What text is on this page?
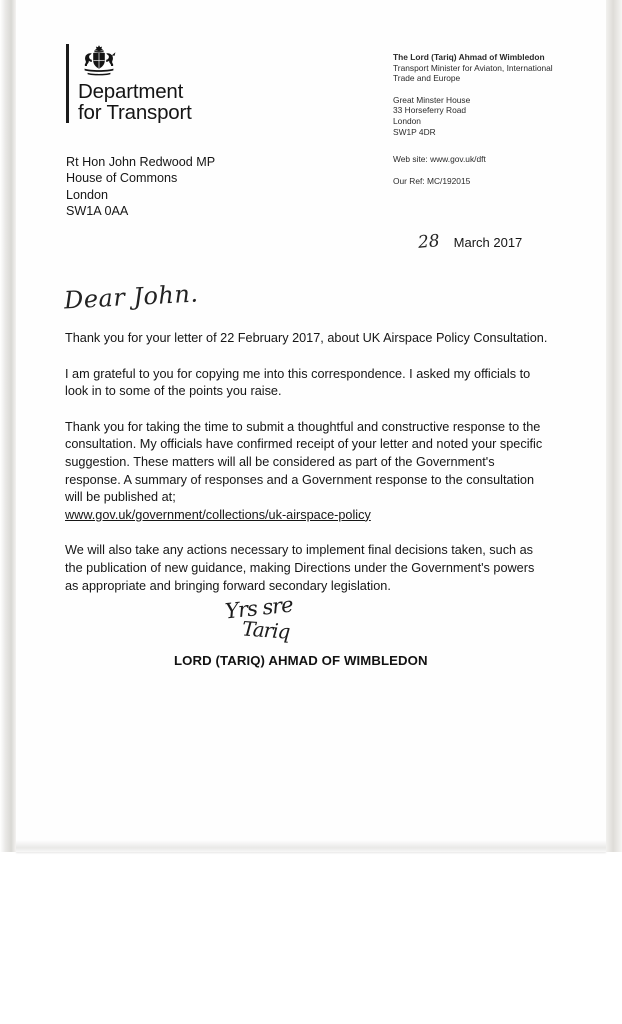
Department
for Transport
The Lord (Tariq) Ahmad of Wimbledon
Transport Minister for Aviaton, International
Trade and Europe
Great Minster House
33 Horseferry Road
London
SW1P 4DR
Web site: www.gov.uk/dft
Our Ref: MC/192015
Rt Hon John Redwood MP
House of Commons
London
SW1A 0AA
28 March 2017
Dear John.

Thank you for your letter of 22 February 2017, about UK Airspace Policy Consultation.

I am grateful to you for copying me into this correspondence. I asked my officials to look in to some of the points you raise.

Thank you for taking the time to submit a thoughtful and constructive response to the consultation. My officials have confirmed receipt of your letter and noted your specific suggestion. These matters will all be considered as part of the Government's response. A summary of responses and a Government response to the consultation will be published at;
www.gov.uk/government/collections/uk-airspace-policy

We will also take any actions necessary to implement final decisions taken, such as the publication of new guidance, making Directions under the Government's powers as appropriate and bringing forward secondary legislation.

Yrs sre
Tariq
LORD (TARIQ) AHMAD OF WIMBLEDON
